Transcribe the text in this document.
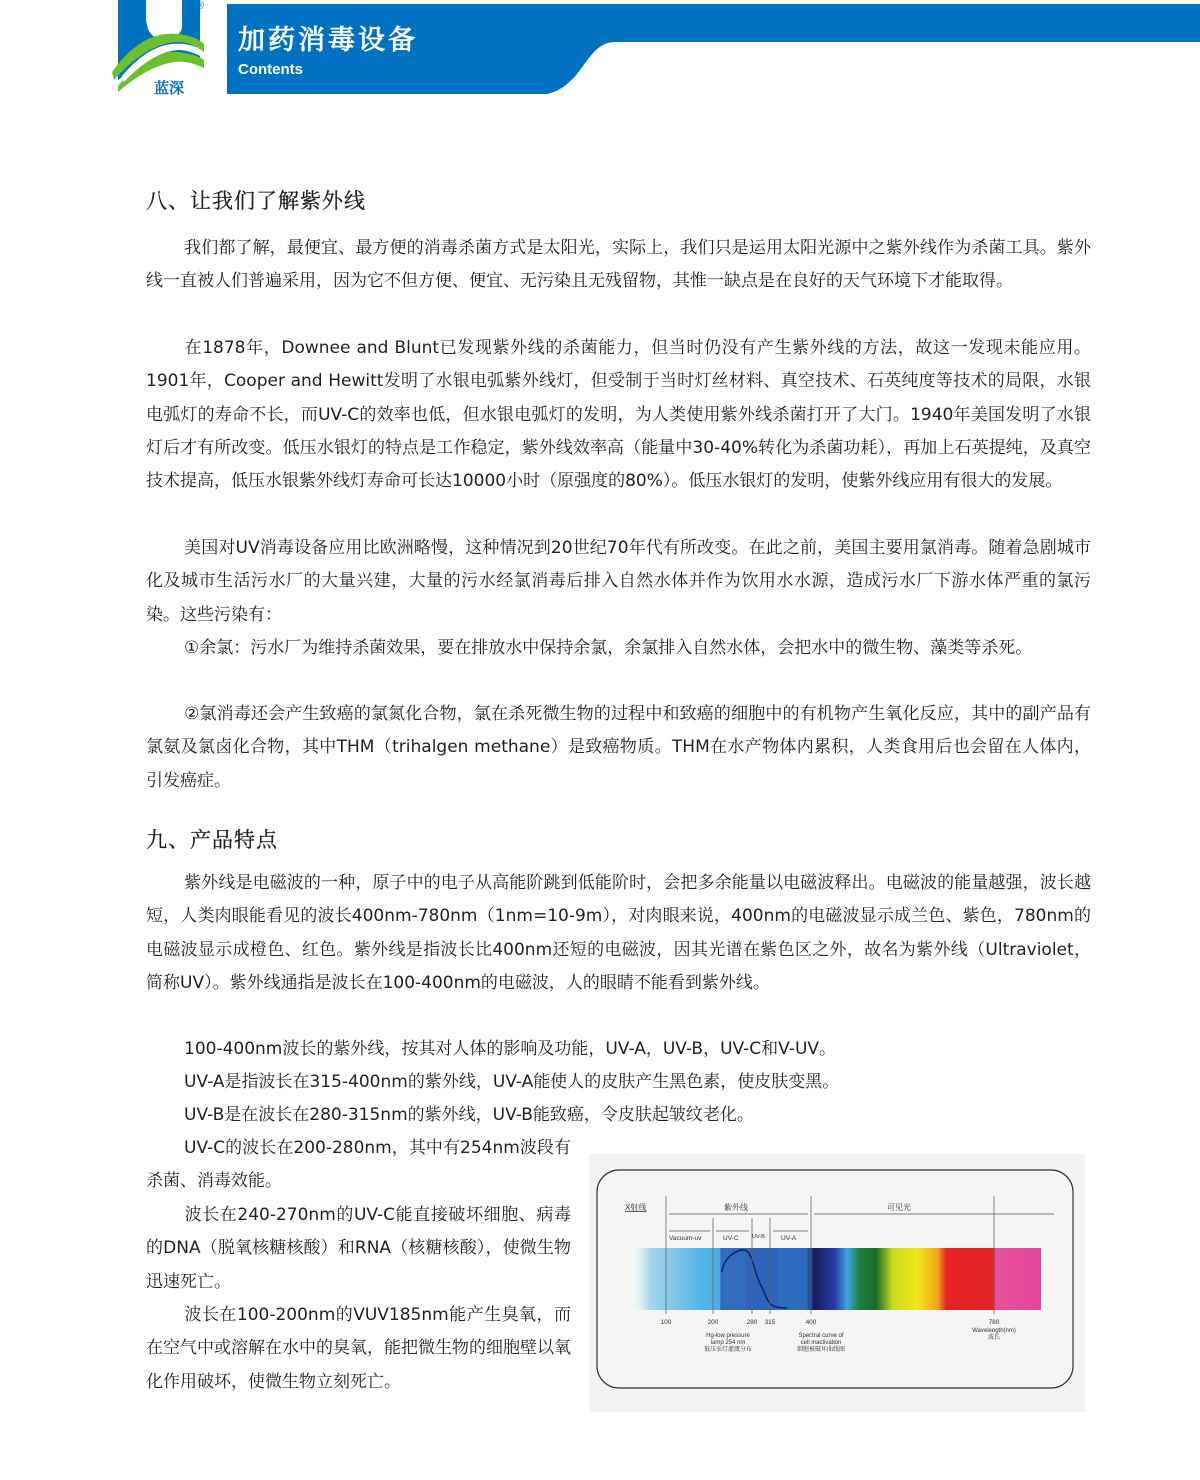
®
蓝深
加药消毒设备
Contents
八、让我们了解紫外线
我们都了解，最便宜、最方便的消毒杀菌方式是太阳光，实际上，我们只是运用太阳光源中之紫外线作为杀菌工具。紫外线一直被人们普遍采用，因为它不但方便、便宜、无污染且无残留物，其惟一缺点是在良好的天气环境下才能取得。
在1878年，Downee and Blunt已发现紫外线的杀菌能力，但当时仍没有产生紫外线的方法，故这一发现未能应用。1901年，Cooper and Hewitt发明了水银电弧紫外线灯，但受制于当时灯丝材料、真空技术、石英纯度等技术的局限，水银电弧灯的寿命不长，而UV-C的效率也低，但水银电弧灯的发明，为人类使用紫外线杀菌打开了大门。1940年美国发明了水银灯后才有所改变。低压水银灯的特点是工作稳定，紫外线效率高（能量中30-40%转化为杀菌功耗），再加上石英提纯，及真空技术提高，低压水银紫外线灯寿命可长达10000小时（原强度的80%）。低压水银灯的发明，使紫外线应用有很大的发展。
美国对UV消毒设备应用比欧洲略慢，这种情况到20世纪70年代有所改变。在此之前，美国主要用氯消毒。随着急剧城市化及城市生活污水厂的大量兴建，大量的污水经氯消毒后排入自然水体并作为饮用水水源，造成污水厂下游水体严重的氯污染。这些污染有：
①余氯：污水厂为维持杀菌效果，要在排放水中保持余氯，余氯排入自然水体，会把水中的微生物、藻类等杀死。
②氯消毒还会产生致癌的氯氮化合物，氯在杀死微生物的过程中和致癌的细胞中的有机物产生氧化反应，其中的副产品有氯氨及氯卤化合物，其中THM（trihalgen methane）是致癌物质。THM在水产物体内累积，人类食用后也会留在人体内，引发癌症。
九、产品特点
紫外线是电磁波的一种，原子中的电子从高能阶跳到低能阶时，会把多余能量以电磁波释出。电磁波的能量越强，波长越短，人类肉眼能看见的波长400nm-780nm（1nm=10-9m），对肉眼来说，400nm的电磁波显示成兰色、紫色，780nm的电磁波显示成橙色、红色。紫外线是指波长比400nm还短的电磁波，因其光谱在紫色区之外，故名为紫外线（Ultraviolet，简称UV）。紫外线通指是波长在100-400nm的电磁波，人的眼睛不能看到紫外线。
100-400nm波长的紫外线，按其对人体的影响及功能，UV-A，UV-B，UV-C和V-UV。
UV-A是指波长在315-400nm的紫外线，UV-A能使人的皮肤产生黑色素，使皮肤变黑。
UV-B是在波长在280-315nm的紫外线，UV-B能致癌，令皮肤起皱纹老化。
UV-C的波长在200-280nm，其中有254nm波段有杀菌、消毒效能。
波长在240-270nm的UV-C能直接破坏细胞、病毒的DNA（脱氧核糖核酸）和RNA（核糖核酸），使微生物迅速死亡。
波长在100-200nm的VUV185nm能产生臭氧，而在空气中或溶解在水中的臭氧，能把微生物的细胞壁以氧化作用破坏，使微生物立刻死亡。
X射线	紫外线	可见光
Vacuum-uv	UV-C UV-B UV-A
100	200	280 315	400	780
Hg-low pressure
lamp 254 nm
低压汞灯灌溉分布
Spectral curve of
cell inactivation
细胞被破坏曲线图
Wavelength(nm)
波长
